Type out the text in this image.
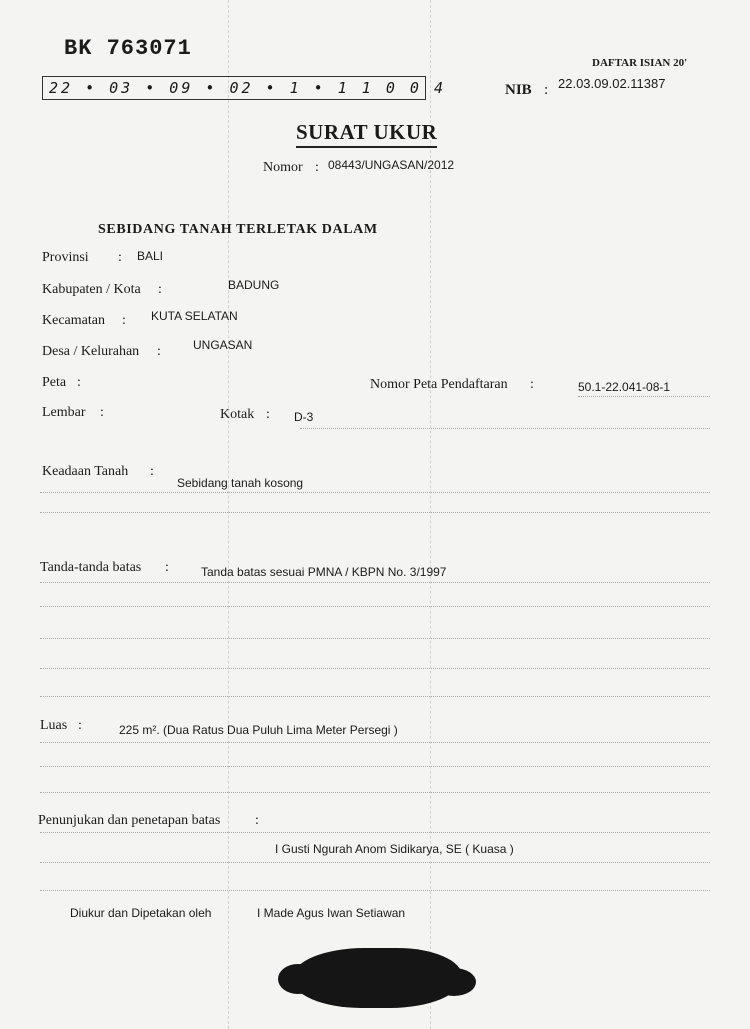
BK 763071
22 • 03 • 09 • 02 • 1 • 1 1 0 0 4
DAFTAR ISIAN 20'
NIB : 22.03.09.02.11387
SURAT UKUR
Nomor : 08443/UNGASAN/2012
SEBIDANG TANAH TERLETAK DALAM
Provinsi : BALI
Kabupaten / Kota :	BADUNG
Kecamatan : KUTA SELATAN
Desa / Kelurahan :	UNGASAN
Peta :	Nomor Peta Pendaftaran :	50.1-22.041-08-1
Lembar :	Kotak : D-3
Keadaan Tanah :
Sebidang tanah kosong
Tanda-tanda batas :	Tanda batas sesuai PMNA / KBPN No. 3/1997
Luas :	225 m². (Dua Ratus Dua Puluh Lima Meter Persegi )
Penunjukan dan penetapan batas :
I Gusti Ngurah Anom Sidikarya, SE ( Kuasa )
Diukur dan Dipetakan oleh	I Made Agus Iwan Setiawan
